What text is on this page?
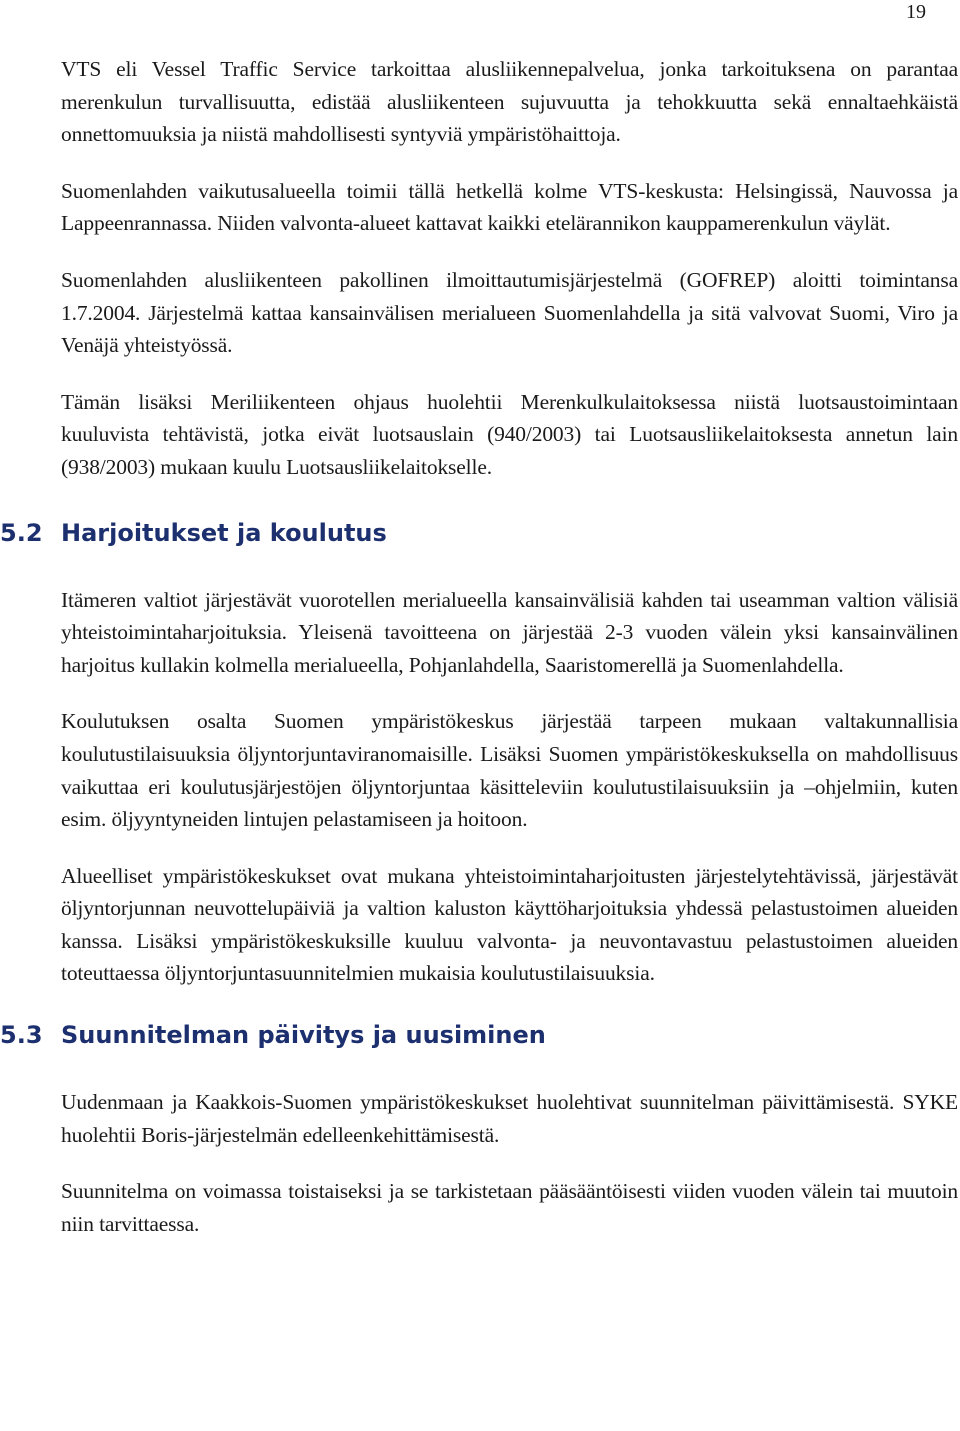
19

VTS eli Vessel Traffic Service tarkoittaa alusliikennepalvelua, jonka tarkoituksena on parantaa merenkulun turvallisuutta, edistää alusliikenteen sujuvuutta ja tehokkuutta sekä ennaltaehkäistä onnettomuuksia ja niistä mahdollisesti syntyviä ympäristöhaittoja.

Suomenlahden vaikutusalueella toimii tällä hetkellä kolme VTS-keskusta: Helsingissä, Nauvossa ja Lappeenrannassa. Niiden valvonta-alueet kattavat kaikki etelärannikon kauppamerenkulun väylät.

Suomenlahden alusliikenteen pakollinen ilmoittautumisjärjestelmä (GOFREP) aloitti toimintansa 1.7.2004. Järjestelmä kattaa kansainvälisen merialueen Suomenlahdella ja sitä valvovat Suomi, Viro ja Venäjä yhteistyössä.

Tämän lisäksi Meriliikenteen ohjaus huolehtii Merenkulkulaitoksessa niistä luotsaustoimintaan kuuluvista tehtävistä, jotka eivät luotsauslain (940/2003) tai Luotsausliikelaitoksesta annetun lain (938/2003) mukaan kuulu Luotsausliikelaitokselle.

5.2 Harjoitukset ja koulutus

Itämeren valtiot järjestävät vuorotellen merialueella kansainvälisiä kahden tai useamman valtion välisiä yhteistoimintaharjoituksia. Yleisenä tavoitteena on järjestää 2-3 vuoden välein yksi kansainvälinen harjoitus kullakin kolmella merialueella, Pohjanlahdella, Saaristomerellä ja Suomenlahdella.

Koulutuksen osalta Suomen ympäristökeskus järjestää tarpeen mukaan valtakunnallisia koulutustilaisuuksia öljyntorjuntaviranomaisille. Lisäksi Suomen ympäristökeskuksella on mahdollisuus vaikuttaa eri koulutusjärjestöjen öljyntorjuntaa käsitteleviin koulutustilaisuuksiin ja –ohjelmiin, kuten esim. öljyyntyneiden lintujen pelastamiseen ja hoitoon.

Alueelliset ympäristökeskukset ovat mukana yhteistoimintaharjoitusten järjestelytehtävissä, järjestävät öljyntorjunnan neuvottelupäiviä ja valtion kaluston käyttöharjoituksia yhdessä pelastustoimen alueiden kanssa. Lisäksi ympäristökeskuksille kuuluu valvonta- ja neuvontavastuu pelastustoimen alueiden toteuttaessa öljyntorjuntasuunnitelmien mukaisia koulutustilaisuuksia.

5.3 Suunnitelman päivitys ja uusiminen

Uudenmaan ja Kaakkois-Suomen ympäristökeskukset huolehtivat suunnitelman päivittämisestä. SYKE huolehtii Boris-järjestelmän edelleenkehittämisestä.

Suunnitelma on voimassa toistaiseksi ja se tarkistetaan pääsääntöisesti viiden vuoden välein tai muutoin niin tarvittaessa.
